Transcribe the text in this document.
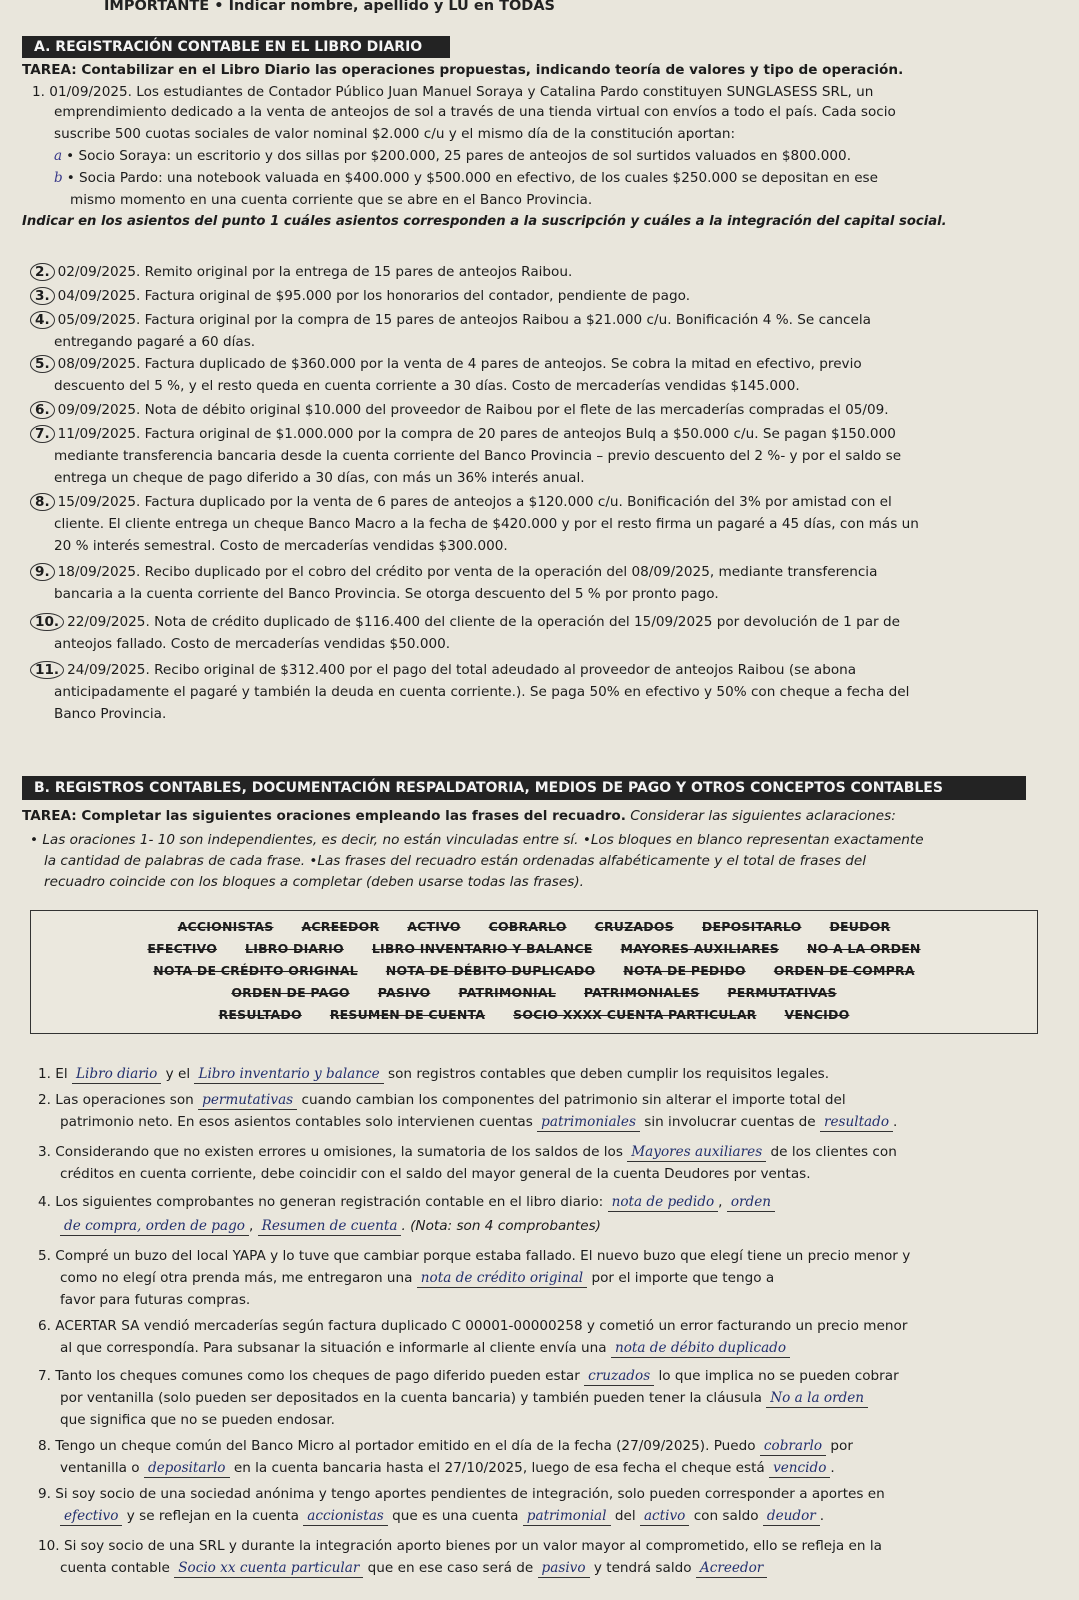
IMPORTANTE • Indicar nombre, apellido y LU en TODAS
A. REGISTRACIÓN CONTABLE EN EL LIBRO DIARIO
TAREA: Contabilizar en el Libro Diario las operaciones propuestas, indicando teoría de valores y tipo de operación.
1. 01/09/2025. Los estudiantes de Contador Público Juan Manuel Soraya y Catalina Pardo constituyen SUNGLASESS SRL, un
emprendimiento dedicado a la venta de anteojos de sol a través de una tienda virtual con envíos a todo el país. Cada socio
suscribe 500 cuotas sociales de valor nominal $2.000 c/u y el mismo día de la constitución aportan:
a • Socio Soraya: un escritorio y dos sillas por $200.000, 25 pares de anteojos de sol surtidos valuados en $800.000.
b • Socia Pardo: una notebook valuada en $400.000 y $500.000 en efectivo, de los cuales $250.000 se depositan en ese
mismo momento en una cuenta corriente que se abre en el Banco Provincia.
Indicar en los asientos del punto 1 cuáles asientos corresponden a la suscripción y cuáles a la integración del capital social.
2. 02/09/2025. Remito original por la entrega de 15 pares de anteojos Raibou.
3. 04/09/2025. Factura original de $95.000 por los honorarios del contador, pendiente de pago.
4. 05/09/2025. Factura original por la compra de 15 pares de anteojos Raibou a $21.000 c/u. Bonificación 4 %. Se cancela
entregando pagaré a 60 días.
5. 08/09/2025. Factura duplicado de $360.000 por la venta de 4 pares de anteojos. Se cobra la mitad en efectivo, previo
descuento del 5 %, y el resto queda en cuenta corriente a 30 días. Costo de mercaderías vendidas $145.000.
6. 09/09/2025. Nota de débito original $10.000 del proveedor de Raibou por el flete de las mercaderías compradas el 05/09.
7. 11/09/2025. Factura original de $1.000.000 por la compra de 20 pares de anteojos Bulq a $50.000 c/u. Se pagan $150.000
mediante transferencia bancaria desde la cuenta corriente del Banco Provincia – previo descuento del 2 %- y por el saldo se
entrega un cheque de pago diferido a 30 días, con más un 36% interés anual.
8. 15/09/2025. Factura duplicado por la venta de 6 pares de anteojos a $120.000 c/u. Bonificación del 3% por amistad con el
cliente. El cliente entrega un cheque Banco Macro a la fecha de $420.000 y por el resto firma un pagaré a 45 días, con más un
20 % interés semestral. Costo de mercaderías vendidas $300.000.
9. 18/09/2025. Recibo duplicado por el cobro del crédito por venta de la operación del 08/09/2025, mediante transferencia
bancaria a la cuenta corriente del Banco Provincia. Se otorga descuento del 5 % por pronto pago.
10. 22/09/2025. Nota de crédito duplicado de $116.400 del cliente de la operación del 15/09/2025 por devolución de 1 par de
anteojos fallado. Costo de mercaderías vendidas $50.000.
11. 24/09/2025. Recibo original de $312.400 por el pago del total adeudado al proveedor de anteojos Raibou (se abona
anticipadamente el pagaré y también la deuda en cuenta corriente.). Se paga 50% en efectivo y 50% con cheque a fecha del
Banco Provincia.
B. REGISTROS CONTABLES, DOCUMENTACIÓN RESPALDATORIA, MEDIOS DE PAGO Y OTROS CONCEPTOS CONTABLES
TAREA: Completar las siguientes oraciones empleando las frases del recuadro. Considerar las siguientes aclaraciones:
• Las oraciones 1- 10 son independientes, es decir, no están vinculadas entre sí. •Los bloques en blanco representan exactamente
la cantidad de palabras de cada frase. •Las frases del recuadro están ordenadas alfabéticamente y el total de frases del
recuadro coincide con los bloques a completar (deben usarse todas las frases).
ACCIONISTAS ACREEDOR ACTIVO COBRARLO CRUZADOS DEPOSITARLO DEUDOR
EFECTIVO LIBRO DIARIO LIBRO INVENTARIO Y BALANCE MAYORES AUXILIARES NO A LA ORDEN
NOTA DE CRÉDITO ORIGINAL NOTA DE DÉBITO DUPLICADO NOTA DE PEDIDO ORDEN DE COMPRA
ORDEN DE PAGO PASIVO PATRIMONIAL PATRIMONIALES PERMUTATIVAS
RESULTADO RESUMEN DE CUENTA SOCIO XXXX CUENTA PARTICULAR VENCIDO
1. El Libro diario y el Libro inventario y balance son registros contables que deben cumplir los requisitos legales.
2. Las operaciones son permutativas cuando cambian los componentes del patrimonio sin alterar el importe total del
patrimonio neto. En esos asientos contables solo intervienen cuentas patrimoniales sin involucrar cuentas de resultado .
3. Considerando que no existen errores u omisiones, la sumatoria de los saldos de los Mayores auxiliares de los clientes con
créditos en cuenta corriente, debe coincidir con el saldo del mayor general de la cuenta Deudores por ventas.
4. Los siguientes comprobantes no generan registración contable en el libro diario: nota de pedido , orden
de compra, orden de pago , Resumen de cuenta . (Nota: son 4 comprobantes)
5. Compré un buzo del local YAPA y lo tuve que cambiar porque estaba fallado. El nuevo buzo que elegí tiene un precio menor y
como no elegí otra prenda más, me entregaron una nota de crédito original por el importe que tengo a
favor para futuras compras.
6. ACERTAR SA vendió mercaderías según factura duplicado C 00001-00000258 y cometió un error facturando un precio menor
al que correspondía. Para subsanar la situación e informarle al cliente envía una nota de débito duplicado
7. Tanto los cheques comunes como los cheques de pago diferido pueden estar cruzados lo que implica no se pueden cobrar
por ventanilla (solo pueden ser depositados en la cuenta bancaria) y también pueden tener la cláusula No a la orden
que significa que no se pueden endosar.
8. Tengo un cheque común del Banco Micro al portador emitido en el día de la fecha (27/09/2025). Puedo cobrarlo por
ventanilla o depositarlo en la cuenta bancaria hasta el 27/10/2025, luego de esa fecha el cheque está vencido .
9. Si soy socio de una sociedad anónima y tengo aportes pendientes de integración, solo pueden corresponder a aportes en
efectivo y se reflejan en la cuenta accionistas que es una cuenta patrimonial del activo con saldo deudor .
10. Si soy socio de una SRL y durante la integración aporto bienes por un valor mayor al comprometido, ello se refleja en la
cuenta contable Socio xx cuenta particular que en ese caso será de pasivo y tendrá saldo Acreedor
